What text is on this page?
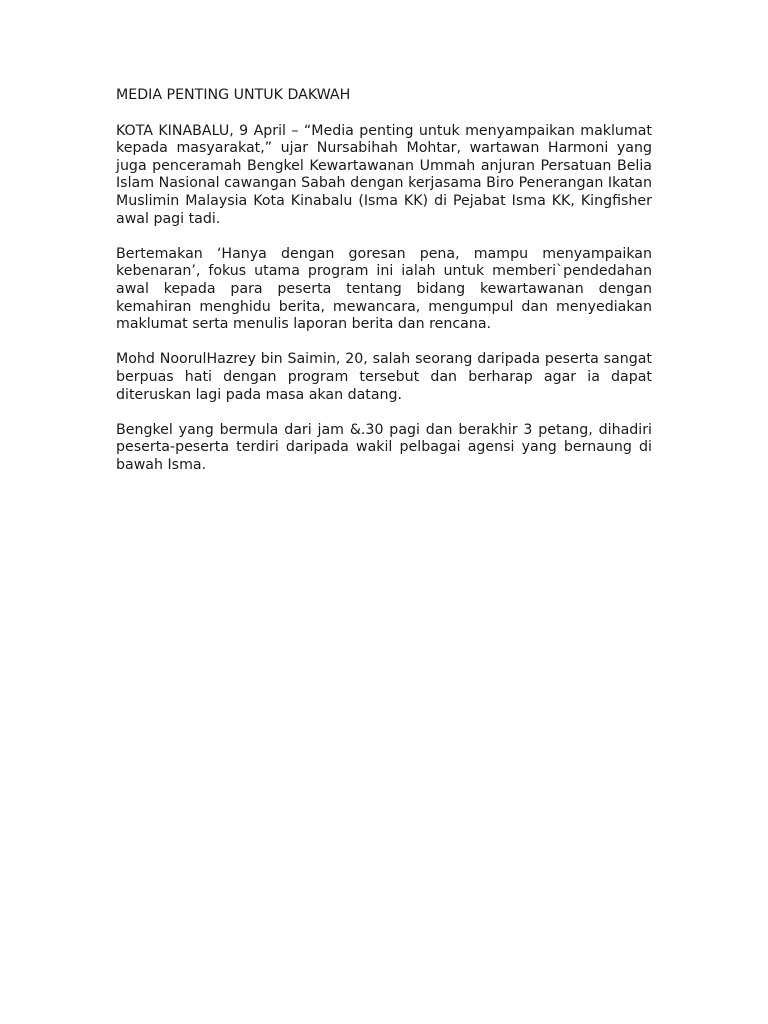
MEDIA PENTING UNTUK DAKWAH

KOTA KINABALU, 9 April – “Media penting untuk menyampaikan maklumat kepada masyarakat,” ujar Nursabihah Mohtar, wartawan Harmoni yang juga penceramah Bengkel Kewartawanan Ummah anjuran Persatuan Belia Islam Nasional cawangan Sabah dengan kerjasama Biro Penerangan Ikatan Muslimin Malaysia Kota Kinabalu (Isma KK) di Pejabat Isma KK, Kingfisher awal pagi tadi.

Bertemakan ‘Hanya dengan goresan pena, mampu menyampaikan kebenaran’, fokus utama program ini ialah untuk memberi`pendedahan awal kepada para peserta tentang bidang kewartawanan dengan kemahiran menghidu berita, mewancara, mengumpul dan menyediakan maklumat serta menulis laporan berita dan rencana.

Mohd NoorulHazrey bin Saimin, 20, salah seorang daripada peserta sangat berpuas hati dengan program tersebut dan berharap agar ia dapat diteruskan lagi pada masa akan datang.

Bengkel yang bermula dari jam &.30 pagi dan berakhir 3 petang, dihadiri peserta-peserta terdiri daripada wakil pelbagai agensi yang bernaung di bawah Isma.
